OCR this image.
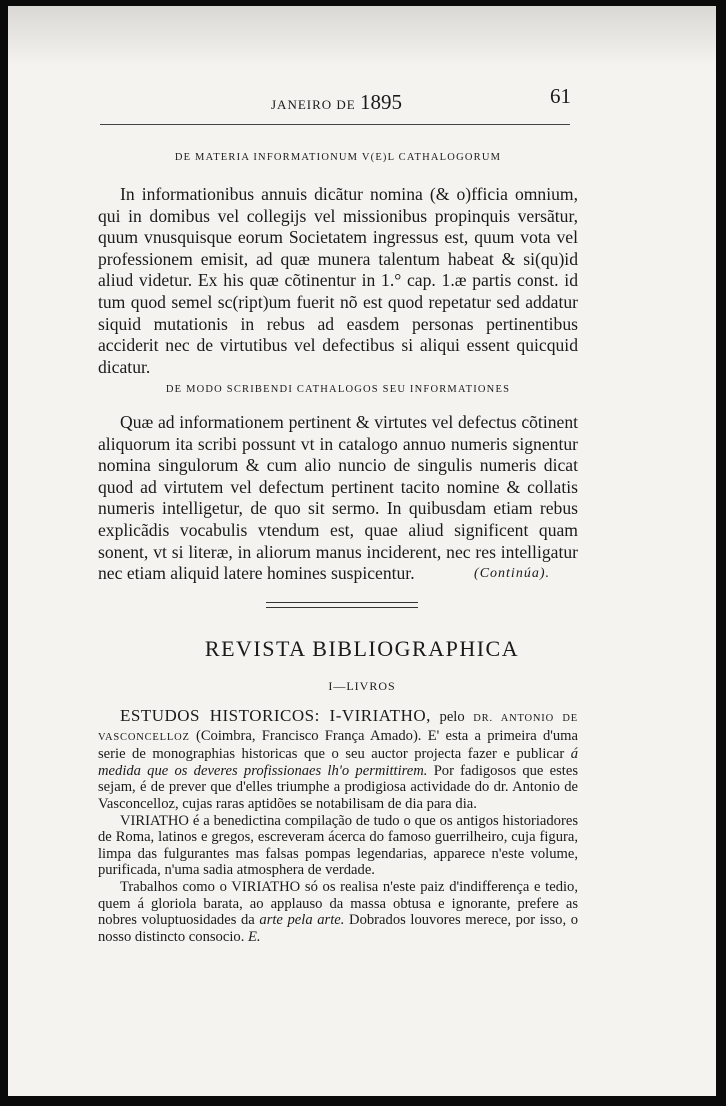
JANEIRO DE 1895	61
DE MATERIA INFORMATIONUM V(E)L CATHALOGORUM

In informationibus annuis dicãtur nomina (& o)fficia omnium, qui in domibus vel collegijs vel missionibus propinquis versãtur, quum vnusquisque eorum Societatem ingressus est, quum vota vel professionem emisit, ad quæ munera talentum habeat & si(qu)id aliud videtur. Ex his quæ cõtinentur in 1.° cap. 1.æ partis const. id tum quod semel sc(ript)um fuerit nõ est quod repetatur sed addatur siquid mutationis in rebus ad easdem personas pertinentibus acciderit nec de virtutibus vel defectibus si aliqui essent quicquid dicatur.

DE MODO SCRIBENDI CATHALOGOS SEU INFORMATIONES

Quæ ad informationem pertinent & virtutes vel defectus cõtinent aliquorum ita scribi possunt vt in catalogo annuo numeris signentur nomina singulorum & cum alio nuncio de singulis numeris dicat quod ad virtutem vel defectum pertinent tacito nomine & collatis numeris intelligetur, de quo sit sermo. In quibusdam etiam rebus explicãdis vocabulis vtendum est, quae aliud significent quam sonent, vt si literæ, in aliorum manus inciderent, nec res intelligatur nec etiam aliquid latere homines suspicentur.	(Continúa).

REVISTA BIBLIOGRAPHICA
I—LIVROS

ESTUDOS HISTORICOS: I-VIRIATHO, pelo DR. ANTONIO DE VASCONCELLOZ (Coimbra, Francisco França Amado). E' esta a primeira d'uma serie de monographias historicas que o seu auctor projecta fazer e publicar á medida que os deveres profissionaes lh'o permittirem. Por fadigosos que estes sejam, é de prever que d'elles triumphe a prodigiosa actividade do dr. Antonio de Vasconcelloz, cujas raras aptidões se notabilisam de dia para dia.

VIRIATHO é a benedictina compilação de tudo o que os antigos historiadores de Roma, latinos e gregos, escreveram ácerca do famoso guerrilheiro, cuja figura, limpa das fulgurantes mas falsas pompas legendarias, apparece n'este volume, purificada, n'uma sadia atmosphera de verdade.

Trabalhos como o VIRIATHO só os realisa n'este paiz d'indifferença e tedio, quem á gloriola barata, ao applauso da massa obtusa e ignorante, prefere as nobres voluptuosidades da arte pela arte. Dobrados louvores merece, por isso, o nosso distincto consocio. E.
